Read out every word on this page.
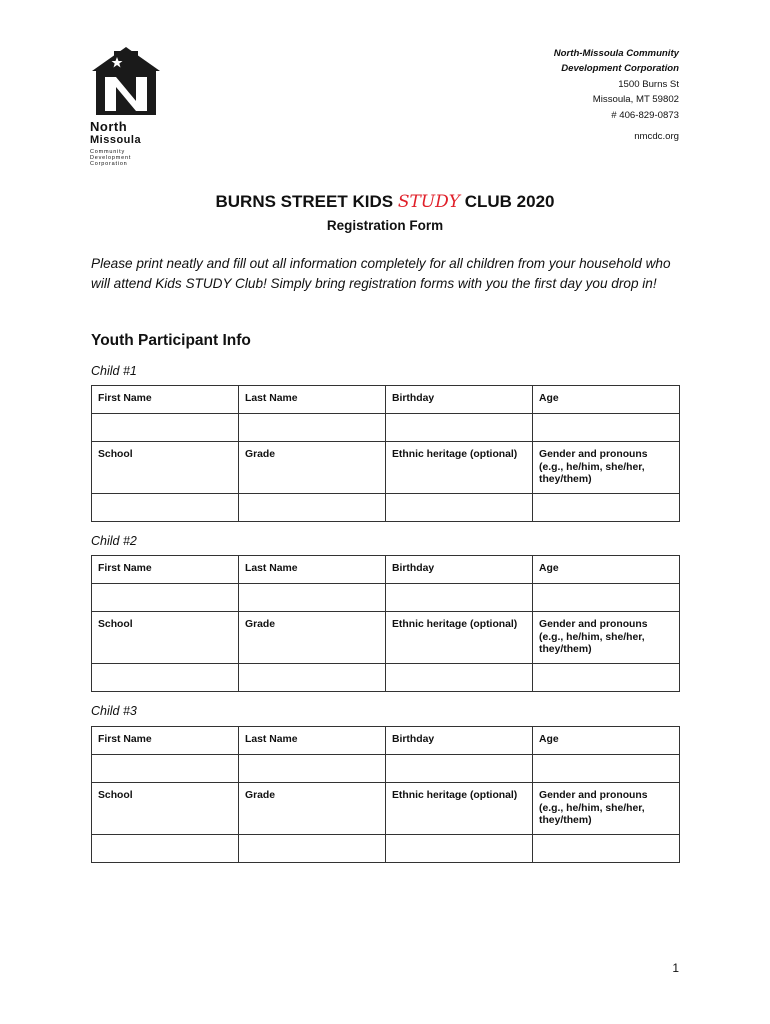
North
Missoula
Community Development Corporation
North-Missoula Community
Development Corporation
1500 Burns St
Missoula, MT 59802
# 406-829-0873
nmcdc.org
BURNS STREET KIDS STUDY CLUB 2020
Registration Form
Please print neatly and fill out all information completely for all children from your household who will attend Kids STUDY Club! Simply bring registration forms with you the first day you drop in!
Youth Participant Info
Child #1
First Name	Last Name	Birthday	Age

School	Grade	Ethnic heritage (optional)	Gender and pronouns (e.g., he/him, she/her, they/them)

Child #2
First Name	Last Name	Birthday	Age

School	Grade	Ethnic heritage (optional)	Gender and pronouns (e.g., he/him, she/her, they/them)

Child #3
First Name	Last Name	Birthday	Age

School	Grade	Ethnic heritage (optional)	Gender and pronouns (e.g., he/him, she/her, they/them)

1
